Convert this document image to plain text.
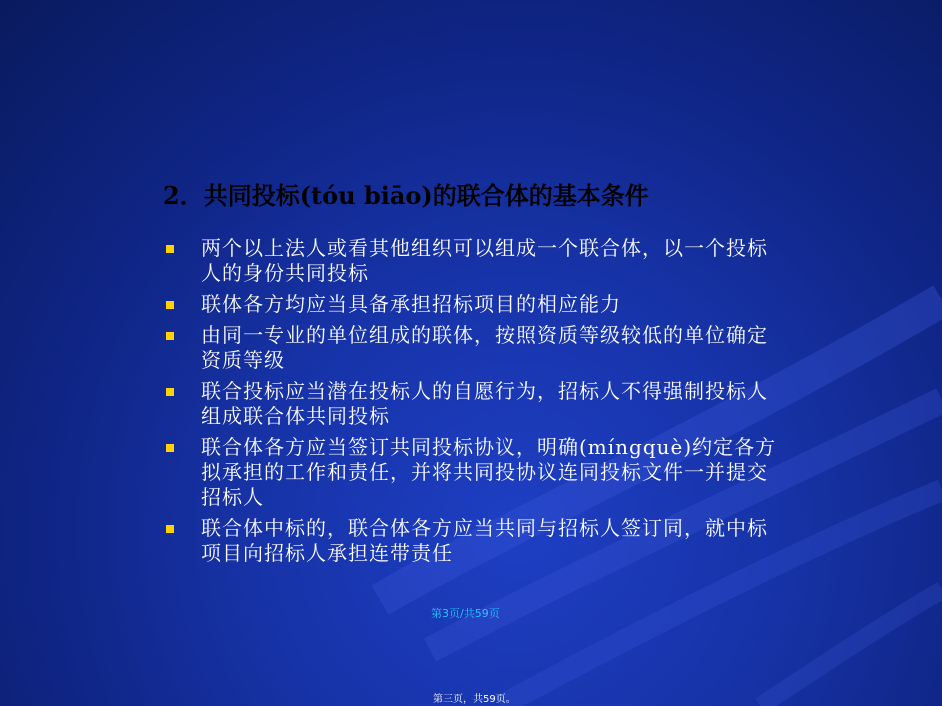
2．共同投标(tóu biāo)的联合体的基本条件
两个以上法人或看其他组织可以组成一个联合体，以一个投标人的身份共同投标
联体各方均应当具备承担招标项目的相应能力
由同一专业的单位组成的联体，按照资质等级较低的单位确定资质等级
联合投标应当潜在投标人的自愿行为，招标人不得强制投标人组成联合体共同投标
联合体各方应当签订共同投标协议，明确(míngquè)约定各方拟承担的工作和责任，并将共同投协议连同投标文件一并提交招标人
联合体中标的，联合体各方应当共同与招标人签订同，就中标项目向招标人承担连带责任
第3页/共59页
第三页，共59页。
